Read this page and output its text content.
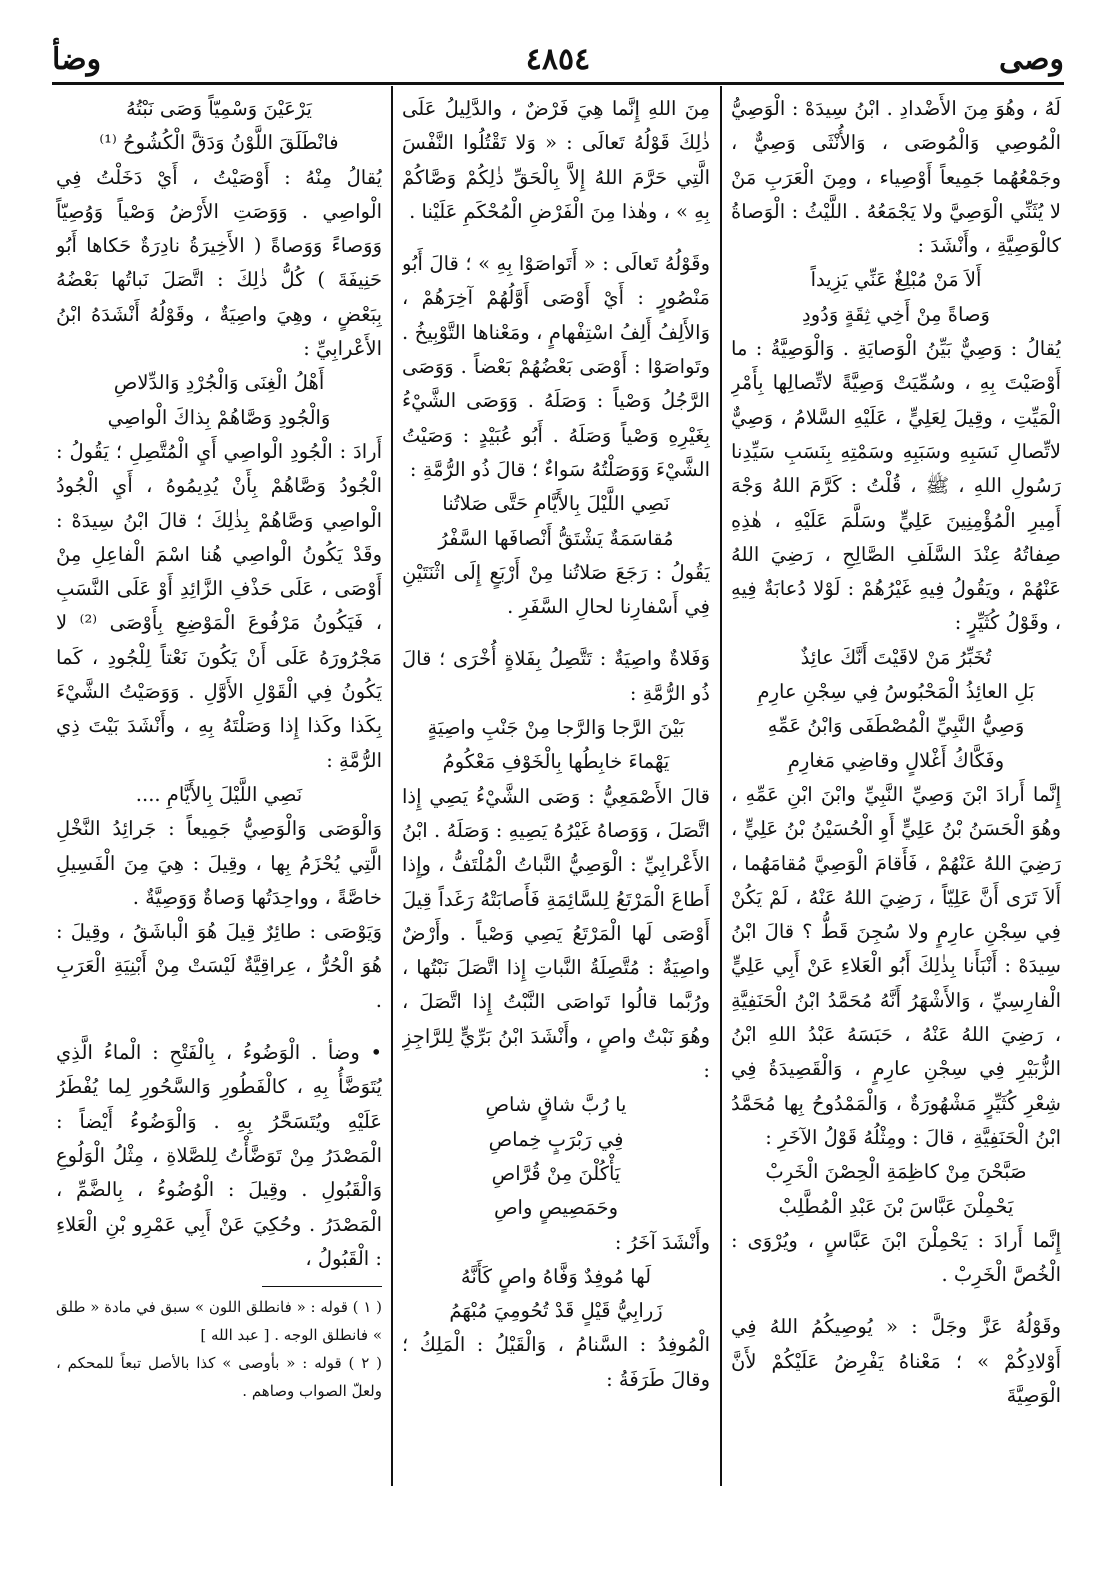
وصى
٤٨٥٤
وضأ

لَهُ ، وهُوَ مِنَ الأَضْدادِ . ابْنُ سِيدَهْ : الْوَصِيُّ الْمُوصِي وَالْمُوصَى ، وَالأُنْثَى وَصِيٌّ ، وجَمْعُهُما جَمِيعاً أَوْصِياء ، ومِنَ الْعَرَبِ مَنْ لا يُثَنِّي الْوَصِيَّ ولا يَجْمَعُهُ . اللَّيْثُ : الْوَصاةُ كالْوَصِيَّةِ ، وأَنْشَدَ :

أَلاَ مَنْ مُبْلِغٌ عَنِّي يَزِيداً

وَصاةً مِنْ أَخِي ثِقَةٍ وَدُودِ

يُقالُ : وَصِيٌّ بَيِّنُ الْوَصايَةِ . وَالْوَصِيَّةُ : ما أَوْصَيْتَ بِهِ ، وسُمِّيَتْ وَصِيَّةً لاتِّصالِها بِأَمْرِ الْمَيِّتِ ، وقِيلَ لِعَلِيٍّ ، عَلَيْهِ السَّلامُ ، وَصِيٌّ لاتِّصالِ نَسَبِهِ وسَبَبِهِ وسَمْتِهِ بِنَسَبِ سَيِّدِنا رَسُولِ اللهِ ، ﷺ ، قُلْتُ : كَرَّمَ اللهُ وَجْهَ أَمِيرِ الْمُؤْمِنِينَ عَلِيٍّ وسَلَّمَ عَلَيْهِ ، هٰذِهِ صِفاتُهُ عِنْدَ السَّلَفِ الصَّالِحِ ، رَضِيَ اللهُ عَنْهُمْ ، ويَقُولُ فِيهِ غَيْرُهُمْ : لَوْلا دُعابَةٌ فِيهِ ، وقَوْلُ كُثَيِّرٍ :

تُخَبِّرُ مَنْ لاقَيْتَ أَنَّكَ عائِذٌ

بَلِ العائِذُ الْمَحْبُوسُ فِي سِجْنِ عارِمِ

وَصِيُّ النَّبِيِّ الْمُصْطَفَى وَابْنُ عَمِّهِ

وفَكَّاكُ أَغْلالٍ وقاضِي مَغارِمِ

إِنَّما أَرادَ ابْنَ وَصِيِّ النَّبِيِّ وابْنَ ابْنِ عَمِّهِ ، وهُوَ الْحَسَنُ بْنُ عَلِيٍّ أَوِ الْحُسَيْنُ بْنُ عَلِيٍّ ، رَضِيَ اللهُ عَنْهُمْ ، فَأَقامَ الْوَصِيَّ مُقامَهُما ، أَلاَ تَرَى أَنَّ عَلِيّاً ، رَضِيَ اللهُ عَنْهُ ، لَمْ يَكُنْ فِي سِجْنِ عارِمٍ ولا سُجِنَ قَطُّ ؟ قالَ ابْنُ سِيدَهْ : أَنْبَأَنا بِذٰلِكَ أَبُو الْعَلاءِ عَنْ أَبِي عَلِيٍّ الْفارِسِيِّ ، وَالأَشْهَرُ أَنَّهُ مُحَمَّدُ ابْنُ الْحَنَفِيَّةِ ، رَضِيَ اللهُ عَنْهُ ، حَبَسَهُ عَبْدُ اللهِ ابْنُ الزُّبَيْرِ فِي سِجْنِ عارِمٍ ، وَالْقَصِيدَةُ فِي شِعْرِ كُثَيِّرٍ مَشْهُورَةٌ ، وَالْمَمْدُوحُ بِها مُحَمَّدُ ابْنُ الْحَنَفِيَّةِ ، قالَ : ومِثْلُهُ قَوْلُ الآخَرِ :

صَبَّحْنَ مِنْ كاظِمَةِ الْحِصْنَ الْخَرِبْ

يَحْمِلْنَ عَبَّاسَ بْنَ عَبْدِ الْمُطَّلِبْ

إِنَّما أَرادَ : يَحْمِلْنَ ابْنَ عَبَّاسٍ ، ويُرْوَى : الْخُصَّ الْخَرِبْ .

وقَوْلُهُ عَزَّ وجَلَّ : « يُوصِيكُمُ اللهُ فِي أَوْلادِكُمْ » ؛ مَعْناهُ يَفْرِضُ عَلَيْكُمْ لأَنَّ الْوَصِيَّةَ

مِنَ اللهِ إِنَّما هِيَ فَرْضٌ ، والدَّلِيلُ عَلَى ذٰلِكَ قَوْلُهُ تَعالَى : « وَلا تَقْتُلُوا النَّفْسَ الَّتِي حَرَّمَ اللهُ إِلاَّ بِالْحَقِّ ذٰلِكُمْ وَصَّاكُمْ بِهِ » ، وهٰذا مِنَ الْفَرْضِ الْمُحْكَمِ عَلَيْنا .

وقَوْلُهُ تَعالَى : « أَتَواصَوْا بِهِ » ؛ قالَ أَبُو مَنْصُورٍ : أَيْ أَوْصَى أَوَّلُهُمْ آخِرَهُمْ ، وَالأَلِفُ أَلِفُ اسْتِفْهامٍ ، ومَعْناها التَّوْبِيخُ . وتَواصَوْا : أَوْصَى بَعْضُهُمْ بَعْضاً . وَوَصَى الرَّجُلُ وَصْياً : وَصَلَهُ . وَوَصَى الشَّيْءُ بِغَيْرِهِ وَصْياً وَصَلَهُ . أَبُو عُبَيْدٍ : وَصَيْتُ الشَّيْءَ وَوَصَلْتُهُ سَواءٌ ؛ قالَ ذُو الرُّمَّةِ :

نَصِي اللَّيْلَ بِالأَيَّامِ حَتَّى صَلاتُنا

مُقاسَمَةٌ يَشْتَقُّ أَنْصافَها السَّفْرُ

يَقُولُ : رَجَعَ صَلاتُنا مِنْ أَرْبَعٍ إِلَى اثْنَتَيْنِ فِي أَسْفارِنا لحالِ السَّفَرِ .

وَفَلاةٌ واصِيَةٌ : تَتَّصِلُ بِفَلاةٍ أُخْرَى ؛ قالَ ذُو الرُّمَّةِ :

بَيْنَ الرَّجا وَالرَّجا مِنْ جَنْبِ واصِيَةٍ

يَهْماءَ خابِطُها بِالْخَوْفِ مَعْكُومُ

قالَ الأَصْمَعِيُّ : وَصَى الشَّيْءُ يَصِي إِذا اتَّصَلَ ، وَوَصاهُ غَيْرُهُ يَصِيهِ : وَصَلَهُ . ابْنُ الأَعْرابِيِّ : الْوَصِيُّ النَّباتُ الْمُلْتَفُّ ، وإِذا أَطاعَ الْمَرْتَعُ لِلسَّائِمَةِ فَأَصابَتْهُ رَغَداً قِيلَ أَوْصَى لَها الْمَرْتَعُ يَصِي وَصْياً . وأَرْضٌ واصِيَةٌ : مُتَّصِلَةُ النَّباتِ إِذا اتَّصَلَ نَبْتُها ، ورُبَّما قالُوا تَواصَى النَّبْتُ إِذا اتَّصَلَ ، وهُوَ نَبْتٌ واصٍ ، وأَنْشَدَ ابْنُ بَرِّيٍّ لِلرَّاجِزِ :

يا رُبَّ شاقٍ شاصِ

فِي رَبْرَبٍ خِماصِ

يَأْكُلْنَ مِنْ قُرَّاصِ

وحَمَصِيصٍ واصِ

وأَنْشَدَ آخَرُ :

لَها مُوفِدٌ وَفَّاهُ واصٍ كَأَنَّهُ

زَرابِيُّ قَيْلٍ قَدْ تُحُومِيَ مُبْهَمُ

الْمُوفِدُ : السَّنامُ ، وَالْقَيْلُ : الْمَلِكُ ؛ وقالَ طَرَفَةُ :

يَرْعَيْنَ وَسْمِيّاً وَصَى نَبْتُهُ

فانْطَلَقَ اللَّوْنُ وَدَقَّ الْكُشُوحُ ⁽¹⁾

يُقالُ مِنْهُ : أَوْصَيْتُ ، أَيْ دَخَلْتُ فِي الْواصِي . وَوَصَتِ الأَرْضُ وَصْياً وَوُصِيّاً وَوَصاءً وَوَصاةً ( الأَخِيرَةُ نادِرَةٌ حَكاها أَبُو حَنِيفَةَ ) كُلُّ ذٰلِكَ : اتَّصَلَ نَباتُها بَعْضُهُ بِبَعْضٍ ، وهِيَ واصِيَةٌ ، وقَوْلُهُ أَنْشَدَهُ ابْنُ الأَعْرابِيِّ :

أَهْلُ الْغِنَى وَالْجُرْدِ وَالدِّلاصِ

وَالْجُودِ وَصَّاهُمْ بِذاكَ الْواصِي

أَرادَ : الْجُودِ الْواصِي أَيِ الْمُتَّصِلِ ؛ يَقُولُ : الْجُودُ وَصَّاهُمْ بِأَنْ يُدِيمُوهُ ، أَيِ الْجُودُ الْواصِي وَصَّاهُمْ بِذٰلِكَ ؛ قالَ ابْنُ سِيدَهْ : وقَدْ يَكُونُ الْواصِي هُنا اسْمَ الْفاعِلِ مِنْ أَوْصَى ، عَلَى حَذْفِ الزَّائِدِ أَوْ عَلَى النَّسَبِ ، فَيَكُونُ مَرْفُوعَ الْمَوْضِعِ بِأَوْصَى ⁽²⁾ لا مَجْرُورَهُ عَلَى أَنْ يَكُونَ نَعْتاً لِلْجُودِ ، كَما يَكُونُ فِي الْقَوْلِ الأَوَّلِ . وَوَصَيْتُ الشَّيْءَ بِكَذا وكَذا إِذا وَصَلْتَهُ بِهِ ، وأَنْشَدَ بَيْتَ ذِي الرُّمَّةِ :

نَصِي اللَّيْلَ بِالأَيَّامِ ....

وَالْوَصَى وَالْوَصِيُّ جَمِيعاً : جَرائِدُ النَّخْلِ الَّتِي يُحْزَمُ بِها ، وقِيلَ : هِيَ مِنَ الْفَسِيلِ خاصَّةً ، وواحِدَتُها وَصاةٌ وَوَصِيَّةٌ .

وَيَوْصَى : طائِرٌ قِيلَ هُوَ الْباشَقُ ، وقِيلَ : هُوَ الْحُرُّ ، عِراقِيَّةٌ لَيْسَتْ مِنْ أَبْنِيَةِ الْعَرَبِ .

• وضأ . الْوَضُوءُ ، بِالْفَتْحِ : الْماءُ الَّذِي يُتَوَضَّأُ بِهِ ، كالْفَطُورِ وَالسَّحُورِ لِما يُفْطَرُ عَلَيْهِ ويُتَسَحَّرُ بِهِ . وَالْوَضُوءُ أَيْضاً : الْمَصْدَرُ مِنْ تَوَضَّأْتُ لِلصَّلاةِ ، مِثْلُ الْوَلُوعِ وَالْقَبُولِ . وقِيلَ : الْوُضُوءُ ، بِالضَّمِّ ، الْمَصْدَرُ . وحُكِيَ عَنْ أَبِي عَمْرِو بْنِ الْعَلاءِ : الْقَبُولُ ،

( ١ ) قوله : « فانطلق اللون » سبق في مادة « طلق » فانطلق الوجه . [ عبد الله ]

( ٢ ) قوله : « بأوصى » كذا بالأصل تبعاً للمحكم ، ولعلّ الصواب وصاهم .
